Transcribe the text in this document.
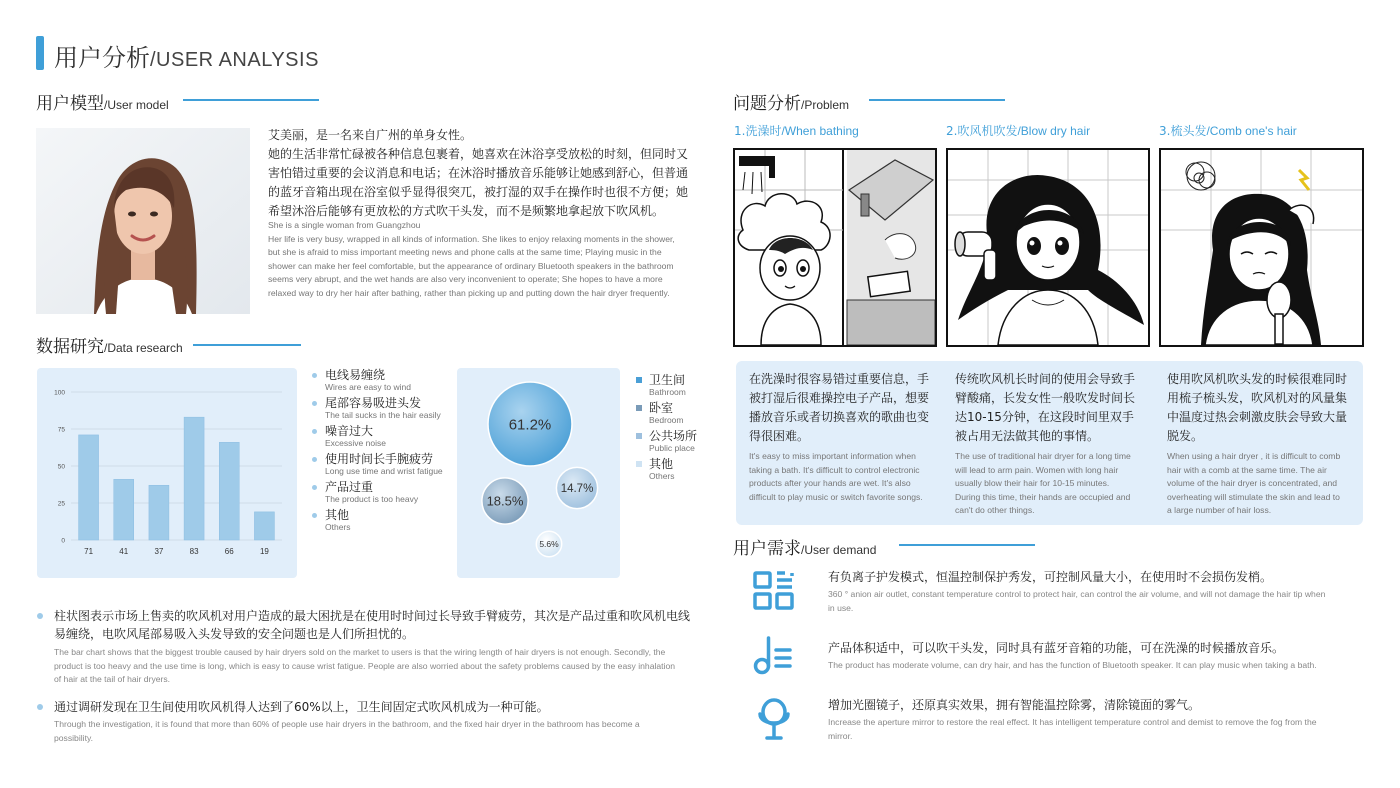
用户分析/USER ANALYSIS
用户模型/User model
艾美丽，是一名来自广州的单身女性。
她的生活非常忙碌被各种信息包裹着，她喜欢在沐浴享受放松的时刻，但同时又
害怕错过重要的会议消息和电话；在沐浴时播放音乐能够让她感到舒心，但普通
的蓝牙音箱出现在浴室似乎显得很突兀，被打湿的双手在操作时也很不方便；她
希望沐浴后能够有更放松的方式吹干头发，而不是频繁地拿起放下吹风机。
She is a single woman from Guangzhou
Her life is very busy, wrapped in all kinds of information. She likes to enjoy relaxing moments in the shower,
but she is afraid to miss important meeting news and phone calls at the same time; Playing music in the
shower can make her feel comfortable, but the appearance of ordinary Bluetooth speakers in the bathroom
seems very abrupt, and the wet hands are also very inconvenient to operate; She hopes to have a more
relaxed way to dry her hair after bathing, rather than picking up and putting down the hair dryer frequently.
数据研究/Data research
0
25
50
75
100
71	41	37	83	66	19
电线易缠绕
Wires are easy to wind
尾部容易吸进头发
The tail sucks in the hair easily
噪音过大
Excessive noise
使用时间长手腕疲劳
Long use time and wrist fatigue
产品过重
The product is too heavy
其他
Others
61.2%
18.5%
14.7%
5.6%
卫生间
Bathroom
卧室
Bedroom
公共场所
Public place
其他
Others
柱状图表示市场上售卖的吹风机对用户造成的最大困扰是在使用时时间过长导致手臂疲劳，其次是产品过重和吹风机电线
易缠绕，电吹风尾部易吸入头发导致的安全问题也是人们所担忧的。
The bar chart shows that the biggest trouble caused by hair dryers sold on the market to users is that the wiring length of hair dryers is not enough. Secondly, the
product is too heavy and the use time is long, which is easy to cause wrist fatigue. People are also worried about the safety problems caused by the easy inhalation
of hair at the tail of hair dryers.
通过调研发现在卫生间使用吹风机得人达到了60%以上，卫生间固定式吹风机成为一种可能。
Through the investigation, it is found that more than 60% of people use hair dryers in the bathroom, and the fixed hair dryer in the bathroom has become a
possibility.
问题分析/Problem
1.洗澡时/When bathing	2.吹风机吹发/Blow dry hair	3.梳头发/Comb one's hair
在洗澡时很容易错过重要信息，手
被打湿后很难操控电子产品，想要
播放音乐或者切换喜欢的歌曲也变
得很困难。
It's easy to miss important information when
taking a bath. It's difficult to control electronic
products after your hands are wet. It's also
difficult to play music or switch favorite songs.
传统吹风机长时间的使用会导致手
臂酸痛，长发女性一般吹发时间长
达10-15分钟，在这段时间里双手
被占用无法做其他的事情。
The use of traditional hair dryer for a long time
will lead to arm pain. Women with long hair
usually blow their hair for 10-15 minutes.
During this time, their hands are occupied and
can't do other things.
使用吹风机吹头发的时候很难同时
用梳子梳头发，吹风机对的风量集
中温度过热会刺激皮肤会导致大量
脱发。
When using a hair dryer , it is difficult to comb
hair with a comb at the same time. The air
volume of the hair dryer is concentrated, and
overheating will stimulate the skin and lead to
a large number of hair loss.
用户需求/User demand
有负离子护发模式，恒温控制保护秀发，可控制风量大小，在使用时不会损伤发梢。
360 ° anion air outlet, constant temperature control to protect hair, can control the air volume, and will not damage the hair tip when
in use.
产品体积适中，可以吹干头发，同时具有蓝牙音箱的功能，可在洗澡的时候播放音乐。
The product has moderate volume, can dry hair, and has the function of Bluetooth speaker. It can play music when taking a bath.
增加光圈镜子，还原真实效果，拥有智能温控除雾，清除镜面的雾气。
Increase the aperture mirror to restore the real effect. It has intelligent temperature control and demist to remove the fog from the
mirror.
